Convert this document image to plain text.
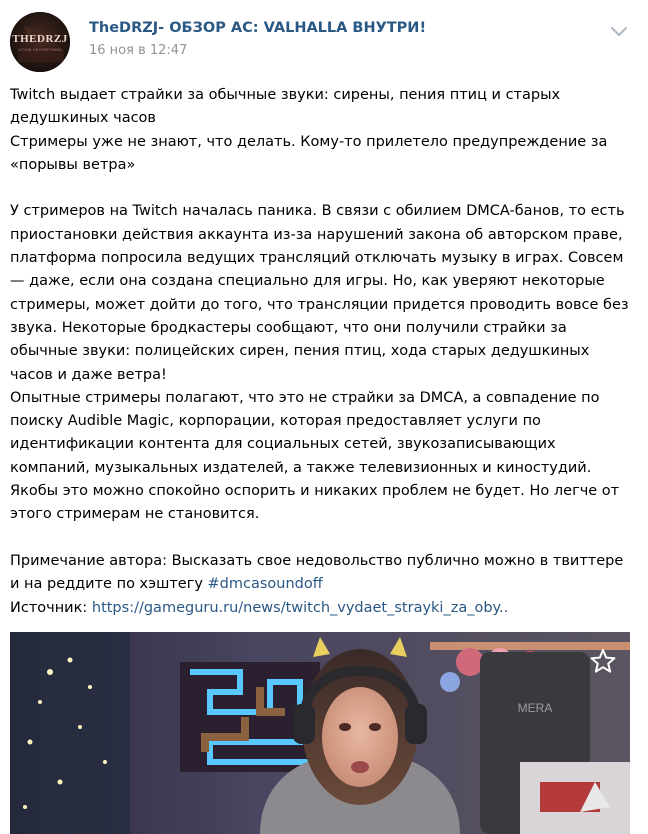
THEDRZJ
ACTION ON EVERYTHING
TheDRZJ- ОБЗОР AC: VALHALLA ВНУТРИ!
16 ноя в 12:47

Twitch выдает страйки за обычные звуки: сирены, пения птиц и старых дедушкиных часов

Стримеры уже не знают, что делать. Кому-то прилетело предупреждение за «порывы ветра»

У стримеров на Twitch началась паника. В связи с обилием DMCA-банов, то есть приостановки действия аккаунта из-за нарушений закона об авторском праве, платформа попросила ведущих трансляций отключать музыку в играх. Совсем — даже, если она создана специально для игры. Но, как уверяют некоторые стримеры, может дойти до того, что трансляции придется проводить вовсе без звука. Некоторые бродкастеры сообщают, что они получили страйки за обычные звуки: полицейских сирен, пения птиц, хода старых дедушкиных часов и даже ветра!

Опытные стримеры полагают, что это не страйки за DMCA, а совпадение по поиску Audible Magic, корпорации, которая предоставляет услуги по идентификации контента для социальных сетей, звукозаписывающих компаний, музыкальных издателей, а также телевизионных и киностудий. Якобы это можно спокойно оспорить и никаких проблем не будет. Но легче от этого стримерам не становится.

Примечание автора: Высказать свое недовольство публично можно в твиттере и на реддите по хэштегу #dmcasoundoff

Источник: https://gameguru.ru/news/twitch_vydaet_strayki_za_oby..

MERA
